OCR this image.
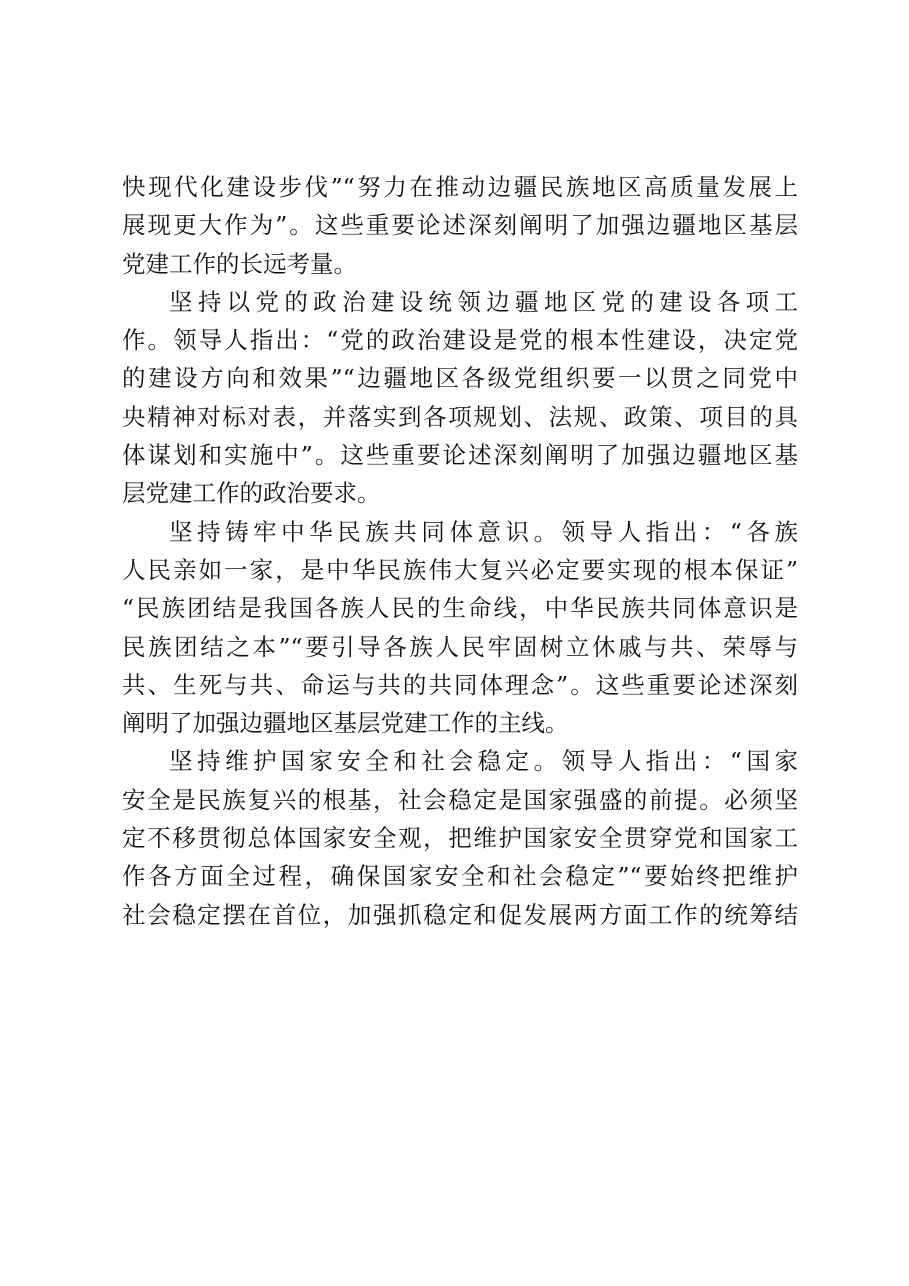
快现代化建设步伐”“努力在推动边疆民族地区高质量发展上
展现更大作为”。这些重要论述深刻阐明了加强边疆地区基层
党建工作的长远考量。
坚持以党的政治建设统领边疆地区党的建设各项工
作。领导人指出：“党的政治建设是党的根本性建设，决定党
的建设方向和效果”“边疆地区各级党组织要一以贯之同党中
央精神对标对表，并落实到各项规划、法规、政策、项目的具
体谋划和实施中”。这些重要论述深刻阐明了加强边疆地区基
层党建工作的政治要求。
坚持铸牢中华民族共同体意识。领导人指出：“各族
人民亲如一家，是中华民族伟大复兴必定要实现的根本保证”
“民族团结是我国各族人民的生命线，中华民族共同体意识是
民族团结之本”“要引导各族人民牢固树立休戚与共、荣辱与
共、生死与共、命运与共的共同体理念”。这些重要论述深刻
阐明了加强边疆地区基层党建工作的主线。
坚持维护国家安全和社会稳定。领导人指出：“国家
安全是民族复兴的根基，社会稳定是国家强盛的前提。必须坚
定不移贯彻总体国家安全观，把维护国家安全贯穿党和国家工
作各方面全过程，确保国家安全和社会稳定”“要始终把维护
社会稳定摆在首位，加强抓稳定和促发展两方面工作的统筹结
